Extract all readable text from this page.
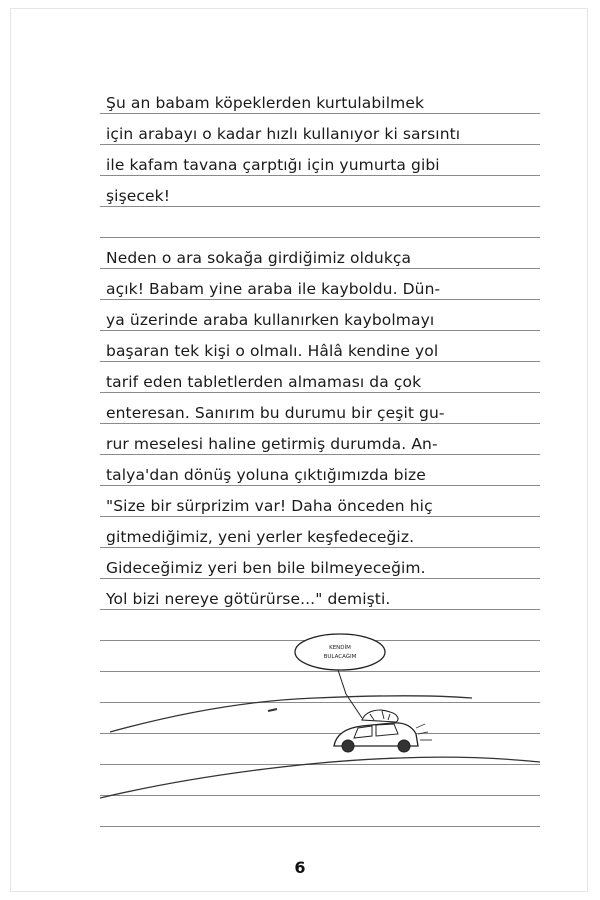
Şu an babam köpeklerden kurtulabilmek
için arabayı o kadar hızlı kullanıyor ki sarsıntı
ile kafam tavana çarptığı için yumurta gibi
şişecek!
Neden o ara sokağa girdiğimiz oldukça
açık! Babam yine araba ile kayboldu. Dün-
ya üzerinde araba kullanırken kaybolmayı
başaran tek kişi o olmalı. Hâlâ kendine yol
tarif eden tabletlerden almaması da çok
enteresan. Sanırım bu durumu bir çeşit gu-
rur meselesi haline getirmiş durumda. An-
talya'dan dönüş yoluna çıktığımızda bize
"Size bir sürprizim var! Daha önceden hiç
gitmediğimiz, yeni yerler keşfedeceğiz.
Gideceğimiz yeri ben bile bilmeyeceğim.
Yol bizi nereye götürürse..." demişti.
KENDİM
BULACAĞIM
6
